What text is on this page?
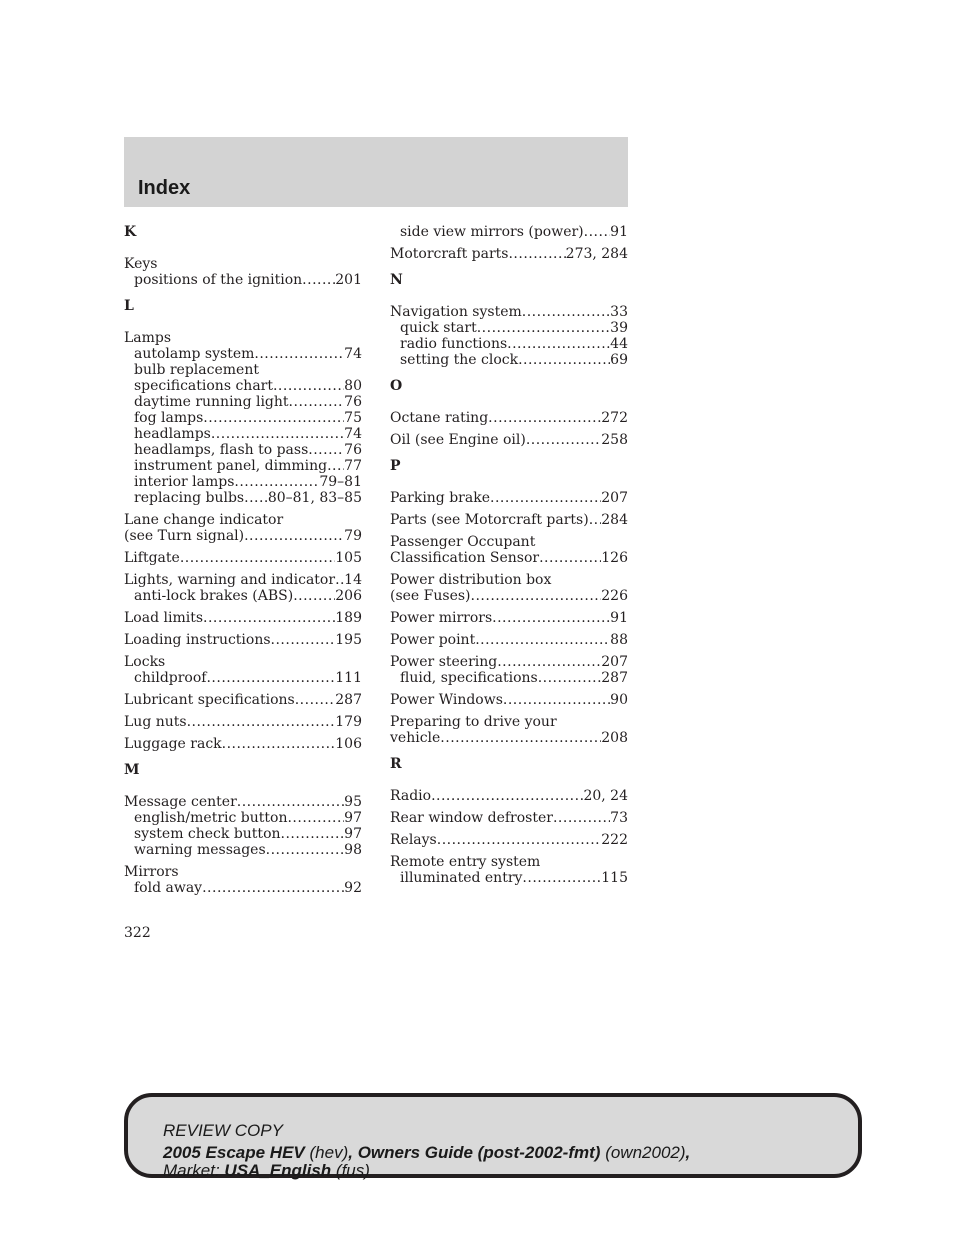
Index
K
Keys
positions of the ignition ..... 201
L
Lamps
autolamp system .....	74
bulb replacement
specifications chart .....	80
daytime running light .....	76
fog lamps .....	75
headlamps .....	74
headlamps, flash to pass .....	76
instrument panel, dimming ..... 77
interior lamps .....	79–81
replacing bulbs ..... 80–81, 83–85
Lane change indicator
(see Turn signal) .....	79
Liftgate .....	105
Lights, warning and indicator ..... 14
anti-lock brakes (ABS) .....	206
Load limits .....	189
Loading instructions .....	195
Locks
childproof .....	111
Lubricant specifications .....	287
Lug nuts .....	179
Luggage rack .....	106
M
Message center .....	95
english/metric button .....	97
system check button .....	97
warning messages .....	98
Mirrors
fold away .....	92
side view mirrors (power) ..... 91
Motorcraft parts .....	273, 284
N
Navigation system .....	33
quick start .....	39
radio functions .....	44
setting the clock .....	69
O
Octane rating .....	272
Oil (see Engine oil) .....	258
P
Parking brake .....	207
Parts (see Motorcraft parts) ..... 284
Passenger Occupant
Classification Sensor .....	126
Power distribution box
(see Fuses) .....	226
Power mirrors .....	91
Power point .....	88
Power steering .....	207
fluid, specifications .....	287
Power Windows .....	90
Preparing to drive your
vehicle .....	208
R
Radio .....	20, 24
Rear window defroster .....	73
Relays .....	222
Remote entry system
illuminated entry .....	115
322
REVIEW COPY
2005 Escape HEV (hev), Owners Guide (post-2002-fmt) (own2002),
Market: USA_English (fus)
